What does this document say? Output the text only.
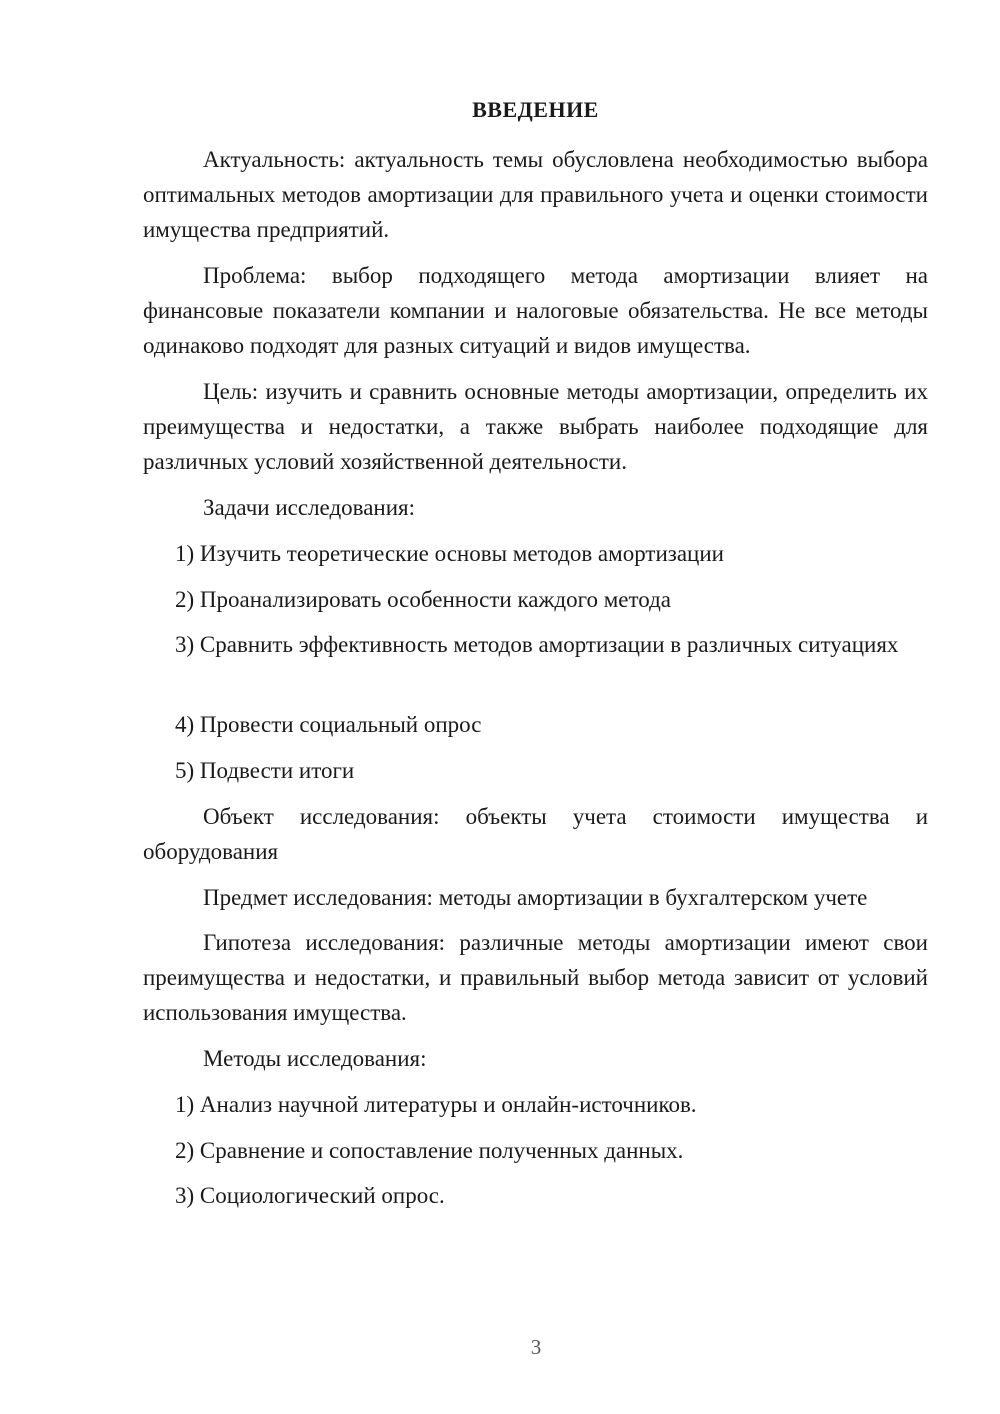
ВВЕДЕНИЕ
Актуальность: актуальность темы обусловлена необходимостью выбора оптимальных методов амортизации для правильного учета и оценки стоимости имущества предприятий.
Проблема: выбор подходящего метода амортизации влияет на финансовые показатели компании и налоговые обязательства. Не все методы одинаково подходят для разных ситуаций и видов имущества.
Цель: изучить и сравнить основные методы амортизации, определить их преимущества и недостатки, а также выбрать наиболее подходящие для различных условий хозяйственной деятельности.
Задачи исследования:
1) Изучить теоретические основы методов амортизации
2) Проанализировать особенности каждого метода
3) Сравнить эффективность методов амортизации в различных ситуациях
4) Провести социальный опрос
5) Подвести итоги
Объект исследования: объекты учета стоимости имущества и оборудования
Предмет исследования: методы амортизации в бухгалтерском учете
Гипотеза исследования: различные методы амортизации имеют свои преимущества и недостатки, и правильный выбор метода зависит от условий использования имущества.
Методы исследования:
1) Анализ научной литературы и онлайн-источников.
2) Сравнение и сопоставление полученных данных.
3) Социологический опрос.
3
